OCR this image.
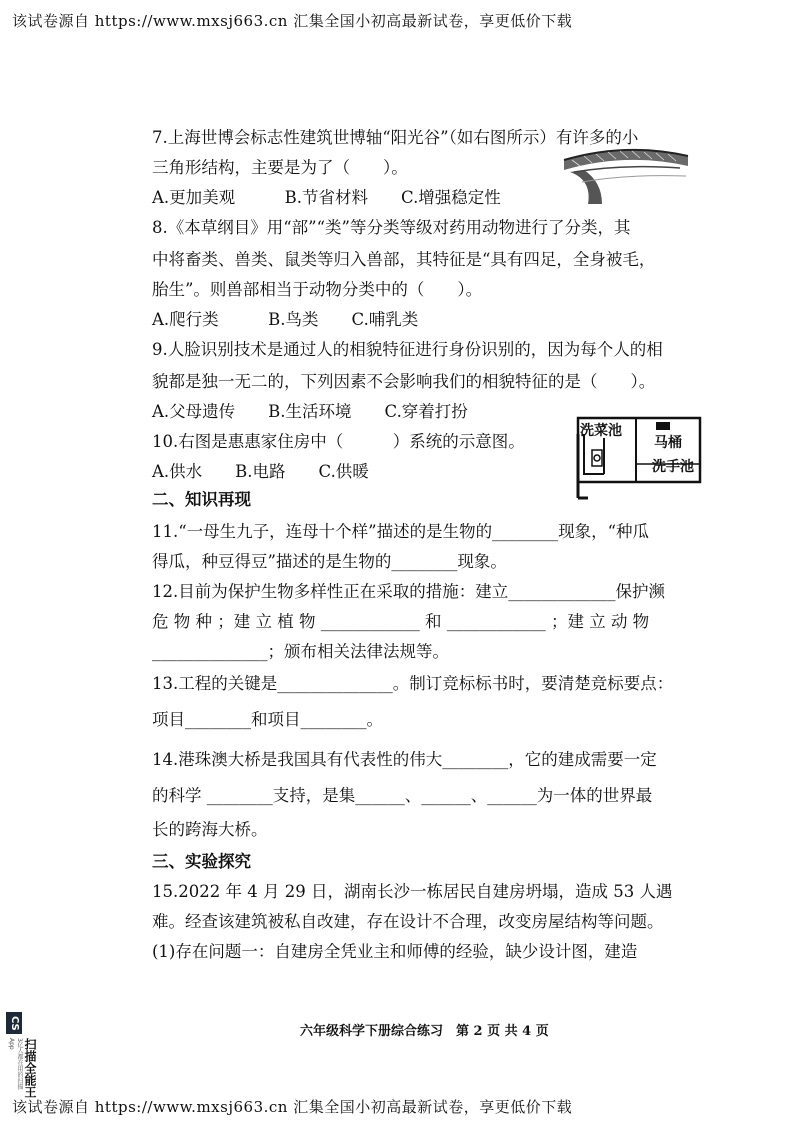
该试卷源自 https://www.mxsj663.cn 汇集全国小初高最新试卷，享更低价下载
7.上海世博会标志性建筑世博轴“阳光谷”（如右图所示）有许多的小
三角形结构，主要是为了（　　）。
A.更加美观　　　B.节省材料　　C.增强稳定性
8.《本草纲目》用“部”“类”等分类等级对药用动物进行了分类，其
中将畜类、兽类、鼠类等归入兽部，其特征是“具有四足，全身被毛，
胎生”。则兽部相当于动物分类中的（　　）。
A.爬行类　　　B.鸟类　　C.哺乳类
9.人脸识别技术是通过人的相貌特征进行身份识别的，因为每个人的相
貌都是独一无二的，下列因素不会影响我们的相貌特征的是（　　）。
A.父母遗传　　B.生活环境　　C.穿着打扮
10.右图是惠惠家住房中（　　　）系统的示意图。
A.供水　　B.电路　　C.供暖
洗菜池
马桶
洗手池
二、知识再现
11.“一母生九子，连母十个样”描述的是生物的________现象，“种瓜
得瓜，种豆得豆”描述的是生物的________现象。
12.目前为保护生物多样性正在采取的措施：建立_____________保护濒
危 物 种 ；建 立 植 物 ____________ 和 ____________ ；建 立 动 物
______________；颁布相关法律法规等。
13.工程的关键是______________。制订竞标标书时，要清楚竞标要点：
项目________和项目________。
14.港珠澳大桥是我国具有代表性的伟大________，它的建成需要一定
的科学 ________支持，是集______、______、______为一体的世界最
长的跨海大桥。
三、实验探究
15.2022 年 4 月 29 日，湖南长沙一栋居民自建房坍塌，造成 53 人遇
难。经查该建筑被私自改建，存在设计不合理，改变房屋结构等问题。
(1)存在问题一：自建房全凭业主和师傅的经验，缺少设计图，建造
六年级科学下册综合练习　第 2 页 共 4 页
CS
3亿人都在用的扫描App 扫描全能王
该试卷源自 https://www.mxsj663.cn 汇集全国小初高最新试卷，享更低价下载
